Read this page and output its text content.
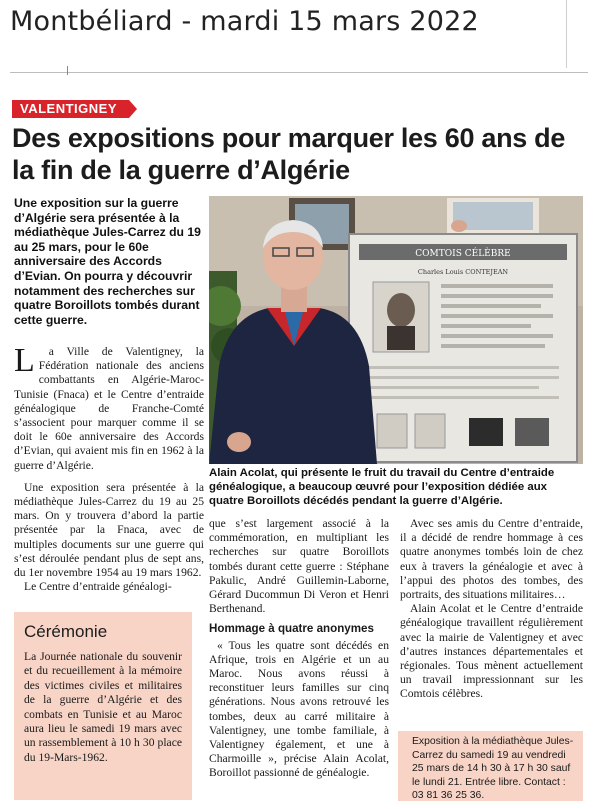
Montbéliard - mardi 15 mars 2022
VALENTIGNEY
Des expositions pour marquer les 60 ans de la fin de la guerre d’Algérie
Une exposition sur la guerre d’Algérie sera présentée à la médiathèque Jules-Carrez du 19 au 25 mars, pour le 60e anniversaire des Accords d’Evian. On pourra y découvrir notamment des recherches sur quatre Boroillots tombés durant cette guerre.

L a Ville de Valentigney, la Fédération nationale des anciens combattants en Algérie-Maroc-Tunisie (Fnaca) et le Centre d’entraide généalogique de Franche-Comté s’associent pour marquer comme il se doit le 60e anniversaire des Accords d’Evian, qui avaient mis fin en 1962 à la guerre d’Algérie.

Une exposition sera présentée à la médiathèque Jules-Carrez du 19 au 25 mars. On y trouvera d’abord la partie présentée par la Fnaca, avec de multiples documents sur une guerre qui s’est déroulée pendant plus de sept ans, du 1er novembre 1954 au 19 mars 1962.

Le Centre d’entraide généalogi-

COMTOIS CÉLÈBRE
Charles Louis CONTEJEAN
Alain Acolat, qui présente le fruit du travail du Centre d’entraide généalogique, a beaucoup œuvré pour l’exposition dédiée aux quatre Boroillots décédés pendant la guerre d’Algérie.

que s’est largement associé à la commémoration, en multipliant les recherches sur quatre Boroillots tombés durant cette guerre : Stéphane Pakulic, André Guillemin-Laborne, Gérard Ducommun Di Veron et Henri Berthenand.

Hommage à quatre anonymes

« Tous les quatre sont décédés en Afrique, trois en Algérie et un au Maroc. Nous avons réussi à reconstituer leurs familles sur cinq générations. Nous avons retrouvé les tombes, deux au carré militaire à Valentigney, une tombe familiale, à Valentigney également, et une à Charmoille », précise Alain Acolat, Boroillot passionné de généalogie.

Avec ses amis du Centre d’entraide, il a décidé de rendre hommage à ces quatre anonymes tombés loin de chez eux à travers la généalogie et avec à l’appui des photos des tombes, des portraits, des situations militaires…

Alain Acolat et le Centre d’entraide généalogique travaillent régulièrement avec la mairie de Valentigney et avec d’autres instances départementales et régionales. Tous mènent actuellement un travail impressionnant sur les Comtois célèbres.

Cérémonie
La Journée nationale du souvenir et du recueillement à la mémoire des victimes civiles et militaires de la guerre d’Algérie et des combats en Tunisie et au Maroc aura lieu le samedi 19 mars avec un rassemblement à 10 h 30 place du 19-Mars-1962.
Exposition à la médiathèque Jules-Carrez du samedi 19 au vendredi 25 mars de 14 h 30 à 17 h 30 sauf le lundi 21. Entrée libre. Contact : 03 81 36 25 36.
